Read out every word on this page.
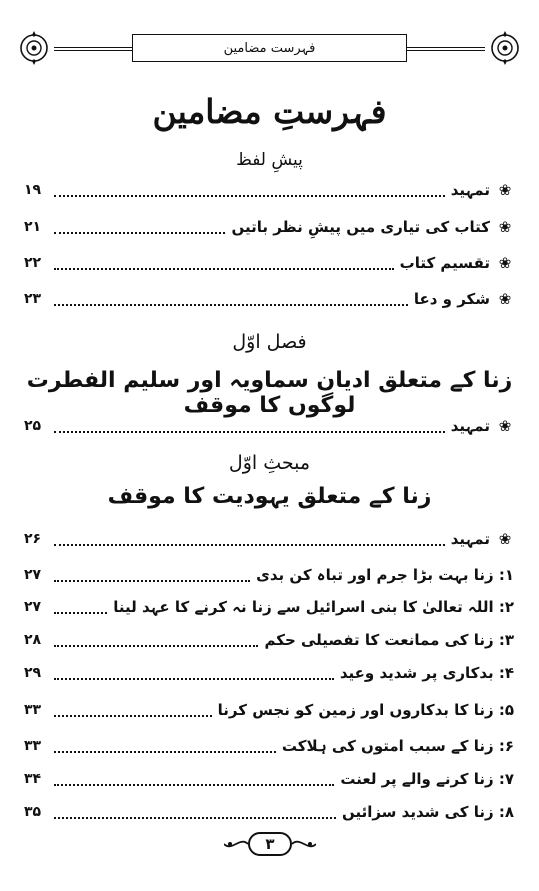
فہرست مضامین
فہرستِ مضامین
پیشِ لفظ
❀
تمہید
۱۹
❀
کتاب کی تیاری میں پیشِ نظر باتیں
۲۱
❀
تقسیم کتاب
۲۲
❀
شکر و دعا
۲۳
فصل اوّل
زنا کے متعلق ادیان سماویہ اور سلیم الفطرت لوگوں کا موقف
❀
تمہید
۲۵
مبحثِ اوّل
زنا کے متعلق یہودیت کا موقف
❀
تمہید
۲۶
۱: زنا بہت بڑا جرم اور تباہ کن بدی
۲۷
۲: اللہ تعالیٰ کا بنی اسرائیل سے زنا نہ کرنے کا عہد لینا
۲۷
۳: زنا کی ممانعت کا تفصیلی حکم
۲۸
۴: بدکاری پر شدید وعید
۲۹
۵: زنا کا بدکاروں اور زمین کو نجس کرنا
۳۳
۶: زنا کے سبب امتوں کی ہلاکت
۳۳
۷: زنا کرنے والے پر لعنت
۳۴
۸: زنا کی شدید سزائیں
۳۵
۳
